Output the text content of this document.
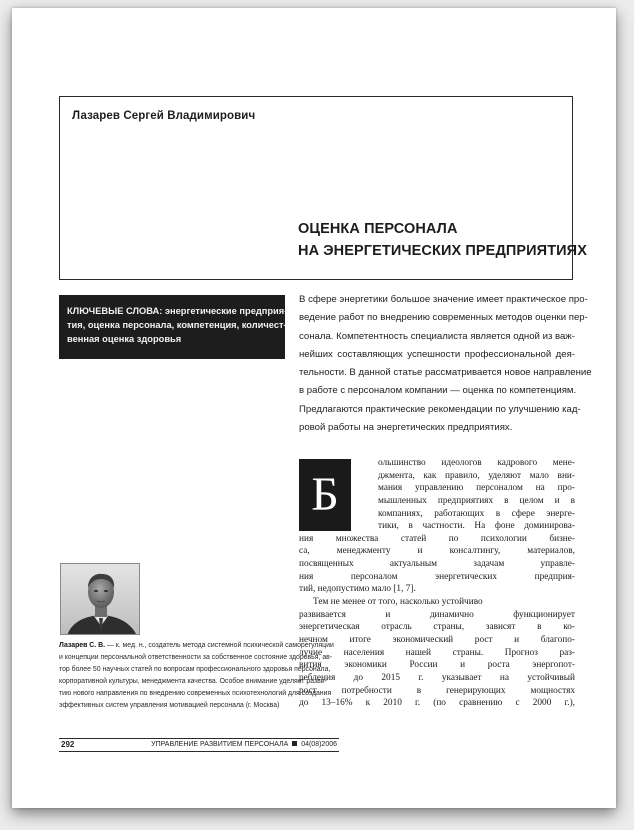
Лазарев Сергей Владимирович
ОЦЕНКА ПЕРСОНАЛА
НА ЭНЕРГЕТИЧЕСКИХ ПРЕДПРИЯТИЯХ
КЛЮЧЕВЫЕ СЛОВА: энергетические предприя-
тия, оценка персонала, компетенция, количест-
венная оценка здоровья
В сфере энергетики большое значение имеет практическое про-
ведение работ по внедрению современных методов оценки пер-
сонала. Компетентность специалиста является одной из важ-
нейших составляющих успешности профессиональной дея-
тельности. В данной статье рассматривается новое направление
в работе с персоналом компании — оценка по компетенциям.
Предлагаются практические рекомендации по улучшению кад-
ровой работы на энергетических предприятиях.
Б
ольшинство идеологов кадрового мене-
джмента, как правило, уделяют мало вни-
мания управлению персоналом на про-
мышленных предприятиях в целом и в
компаниях, работающих в сфере энерге-
тики, в частности. На фоне доминирова-
ния множества статей по психологии бизне-
са, менеджменту и консалтингу, материалов,
посвященных актуальным задачам управле-
ния персоналом энергетических предприя-
тий, недопустимо мало [1, 7].
Тем не менее от того, насколько устойчиво
развивается и динамично функционирует
энергетическая отрасль страны, зависят в ко-
нечном итоге экономический рост и благопо-
лучие населения нашей страны. Прогноз раз-
вития экономики России и роста энергопот-
ребления до 2015 г. указывает на устойчивый
рост потребности в генерирующих мощностях
до 13–16% к 2010 г. (по сравнению с 2000 г.),
Лазарев С. В. — к. мед. н., создатель метода системной психической саморегуляции
и концепции персональной ответственности за собственное состояние здоровья, ав-
тор более 50 научных статей по вопросам профессионального здоровья персонала,
корпоративной культуры, менеджмента качества. Особое внимание уделяет разви-
тию нового направления по внедрению современных психотехнологий для создания
эффективных систем управления мотивацией персонала (г. Москва)
292	УПРАВЛЕНИЕ РАЗВИТИЕМ ПЕРСОНАЛА 04(08)2006
